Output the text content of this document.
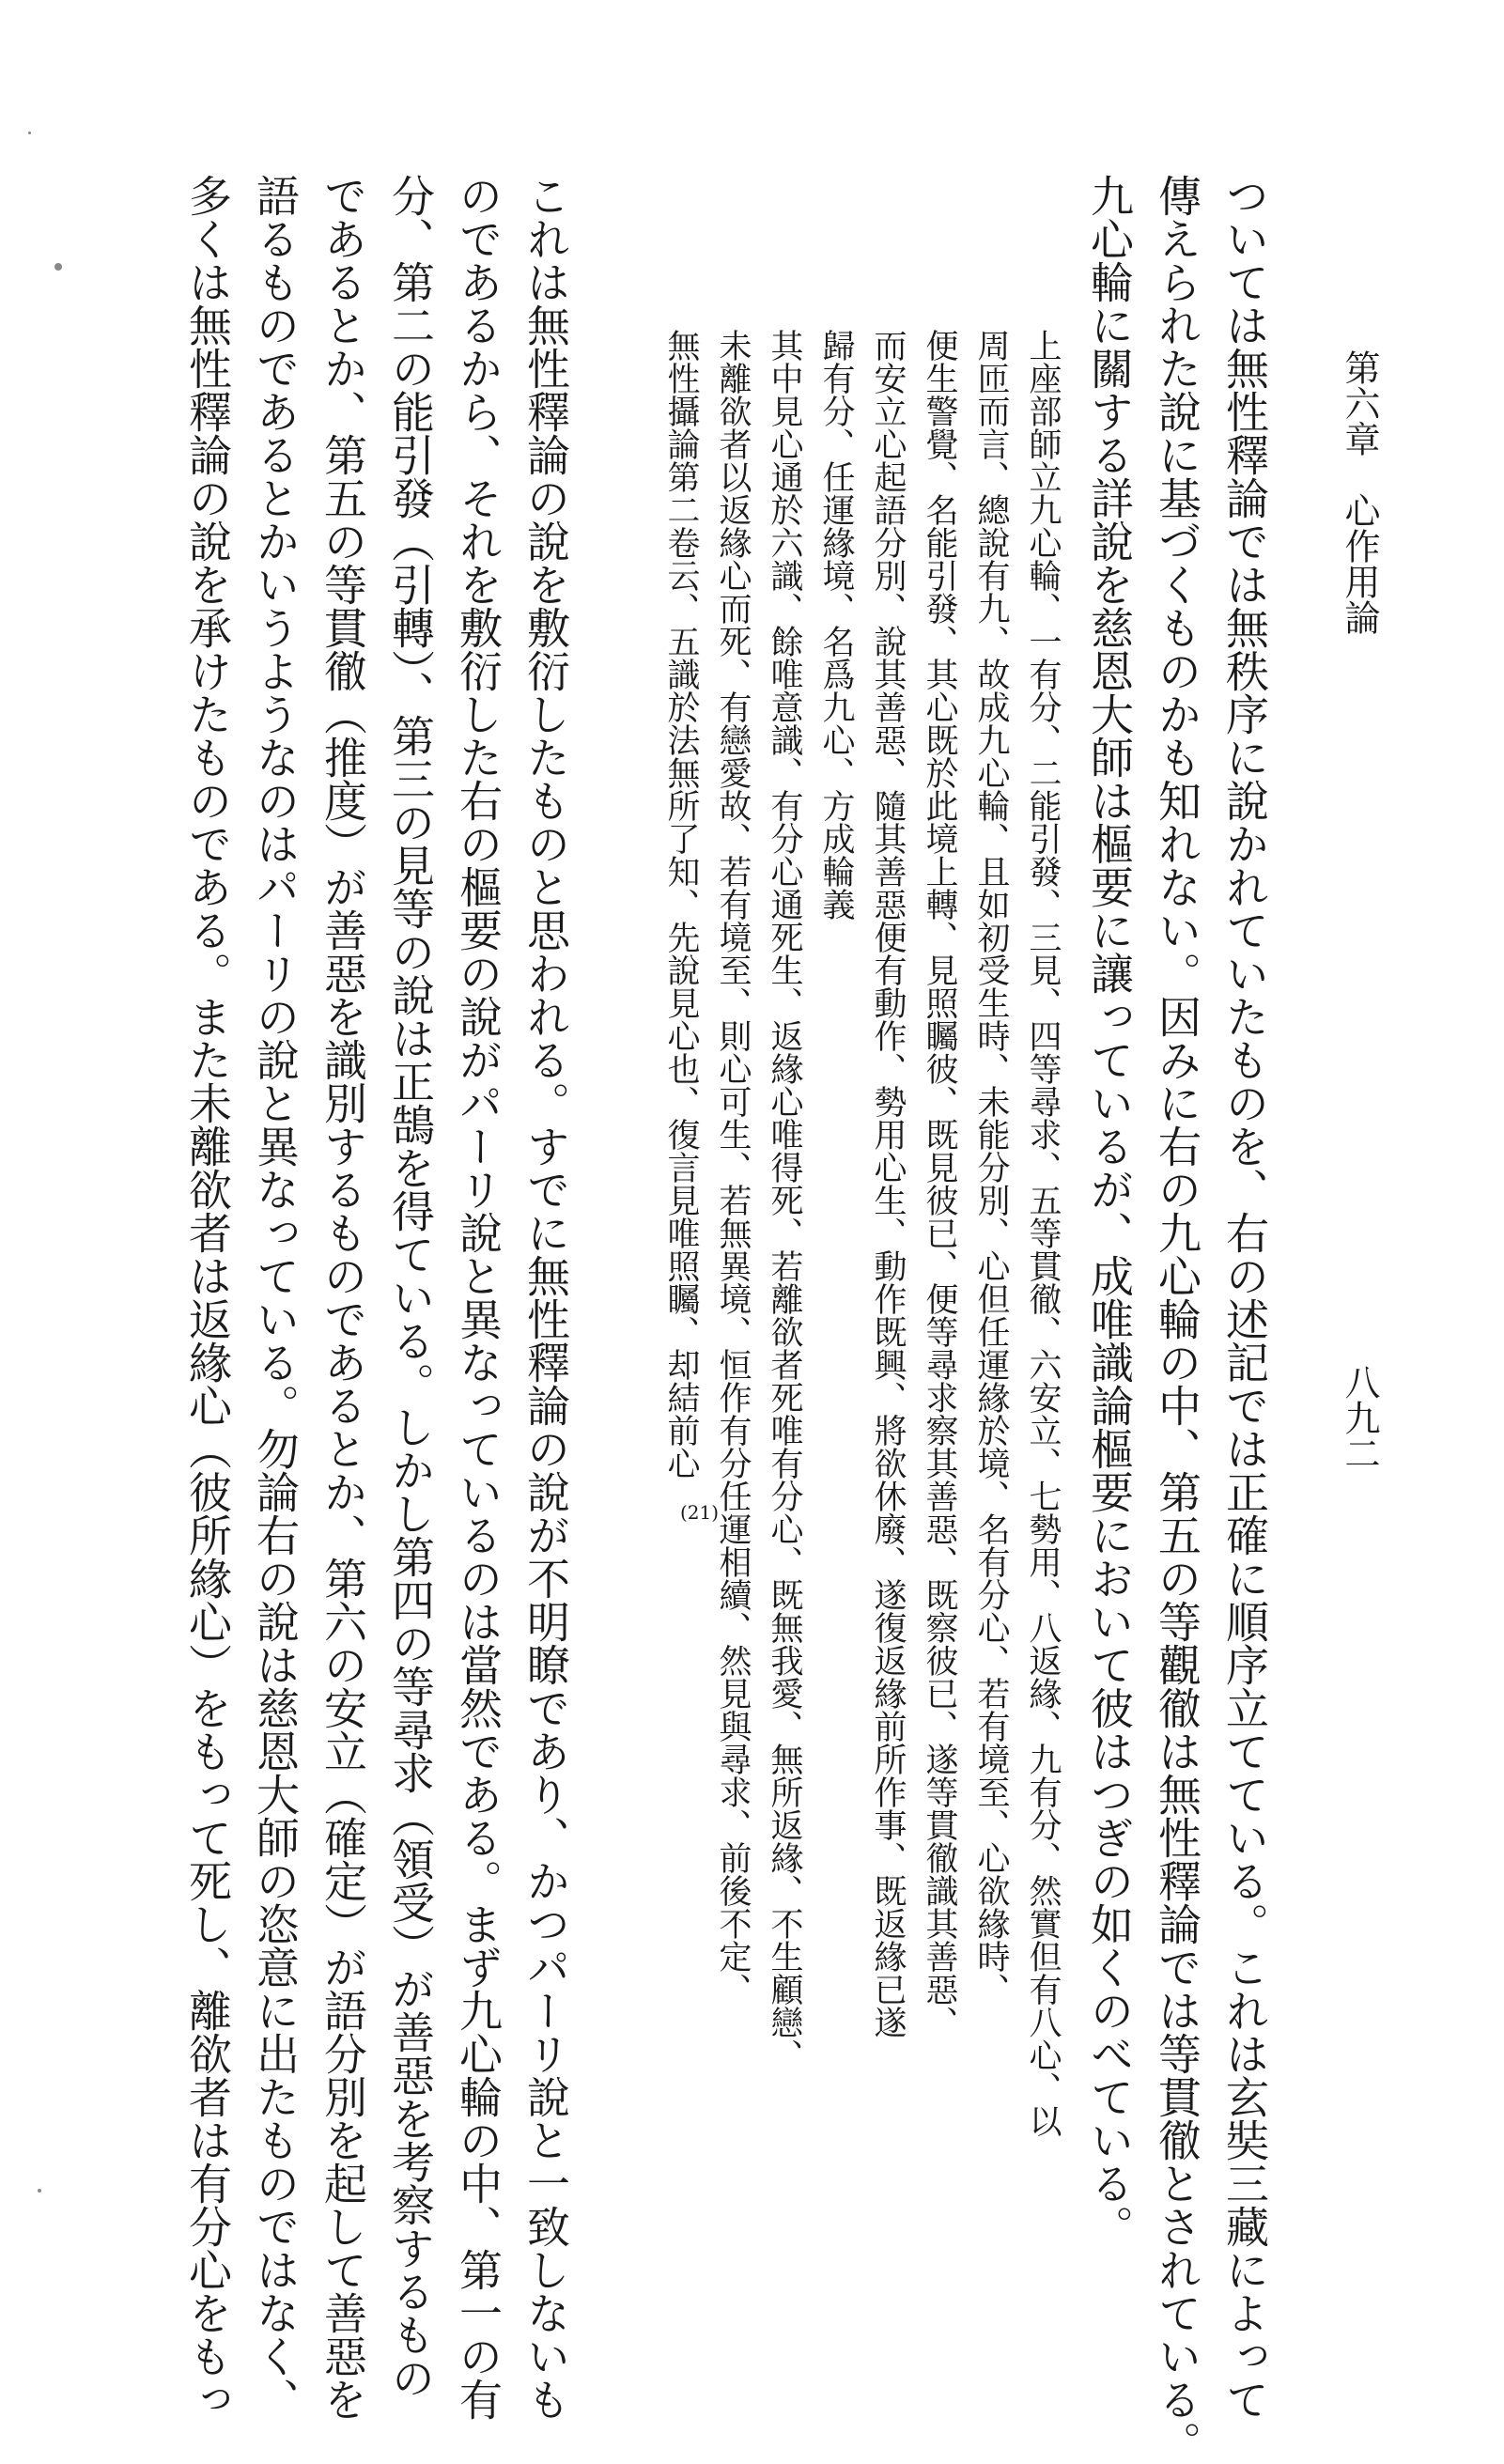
第六章　心作用論
八九二
ついては無性釋論では無秩序に說かれていたものを、右の述記では正確に順序立てている。これは玄奘三藏によって
傳えられた說に基づくものかも知れない。因みに右の九心輪の中、第五の等觀徹は無性釋論では等貫徹とされている。
九心輪に關する詳說を慈恩大師は樞要に讓っているが、成唯識論樞要において彼はつぎの如くのべている。
上座部師立九心輪、一有分、二能引發、三見、四等尋求、五等貫徹、六安立、七勢用、八返緣、九有分、然實但有八心、以
周匝而言、總說有九、故成九心輪、且如初受生時、未能分別、心但任運緣於境、名有分心、若有境至、心欲緣時、
便生警覺、名能引發、其心既於此境上轉、見照矚彼、既見彼已、便等尋求察其善惡、既察彼已、遂等貫徹識其善惡、
而安立心起語分別、說其善惡、隨其善惡便有動作、勢用心生、動作既興、將欲休廢、遂復返緣前所作事、既返緣已遂
歸有分、任運緣境、名爲九心、方成輪義
其中見心通於六識、餘唯意識、有分心通死生、返緣心唯得死、若離欲者死唯有分心、既無我愛、無所返緣、不生顧戀、
未離欲者以返緣心而死、有戀愛故、若有境至、則心可生、若無異境、恒作有分任運相續、然見與尋求、前後不定、
無性攝論第二卷云、五識於法無所了知、先說見心也、復言見唯照矚、却結前心
(21)
これは無性釋論の說を敷衍したものと思われる。すでに無性釋論の說が不明瞭であり、かつパーリ說と一致しないも
のであるから、それを敷衍した右の樞要の說がパーリ說と異なっているのは當然である。まず九心輪の中、第一の有
分、第二の能引發（引轉）、第三の見等の說は正鵠を得ている。しかし第四の等尋求（領受）が善惡を考察するもの
であるとか、第五の等貫徹（推度）が善惡を識別するものであるとか、第六の安立（確定）が語分別を起して善惡を
語るものであるとかいうようなのはパーリの說と異なっている。勿論右の說は慈恩大師の恣意に出たものではなく、
多くは無性釋論の說を承けたものである。また未離欲者は返緣心（彼所緣心）をもって死し、離欲者は有分心をもっ
